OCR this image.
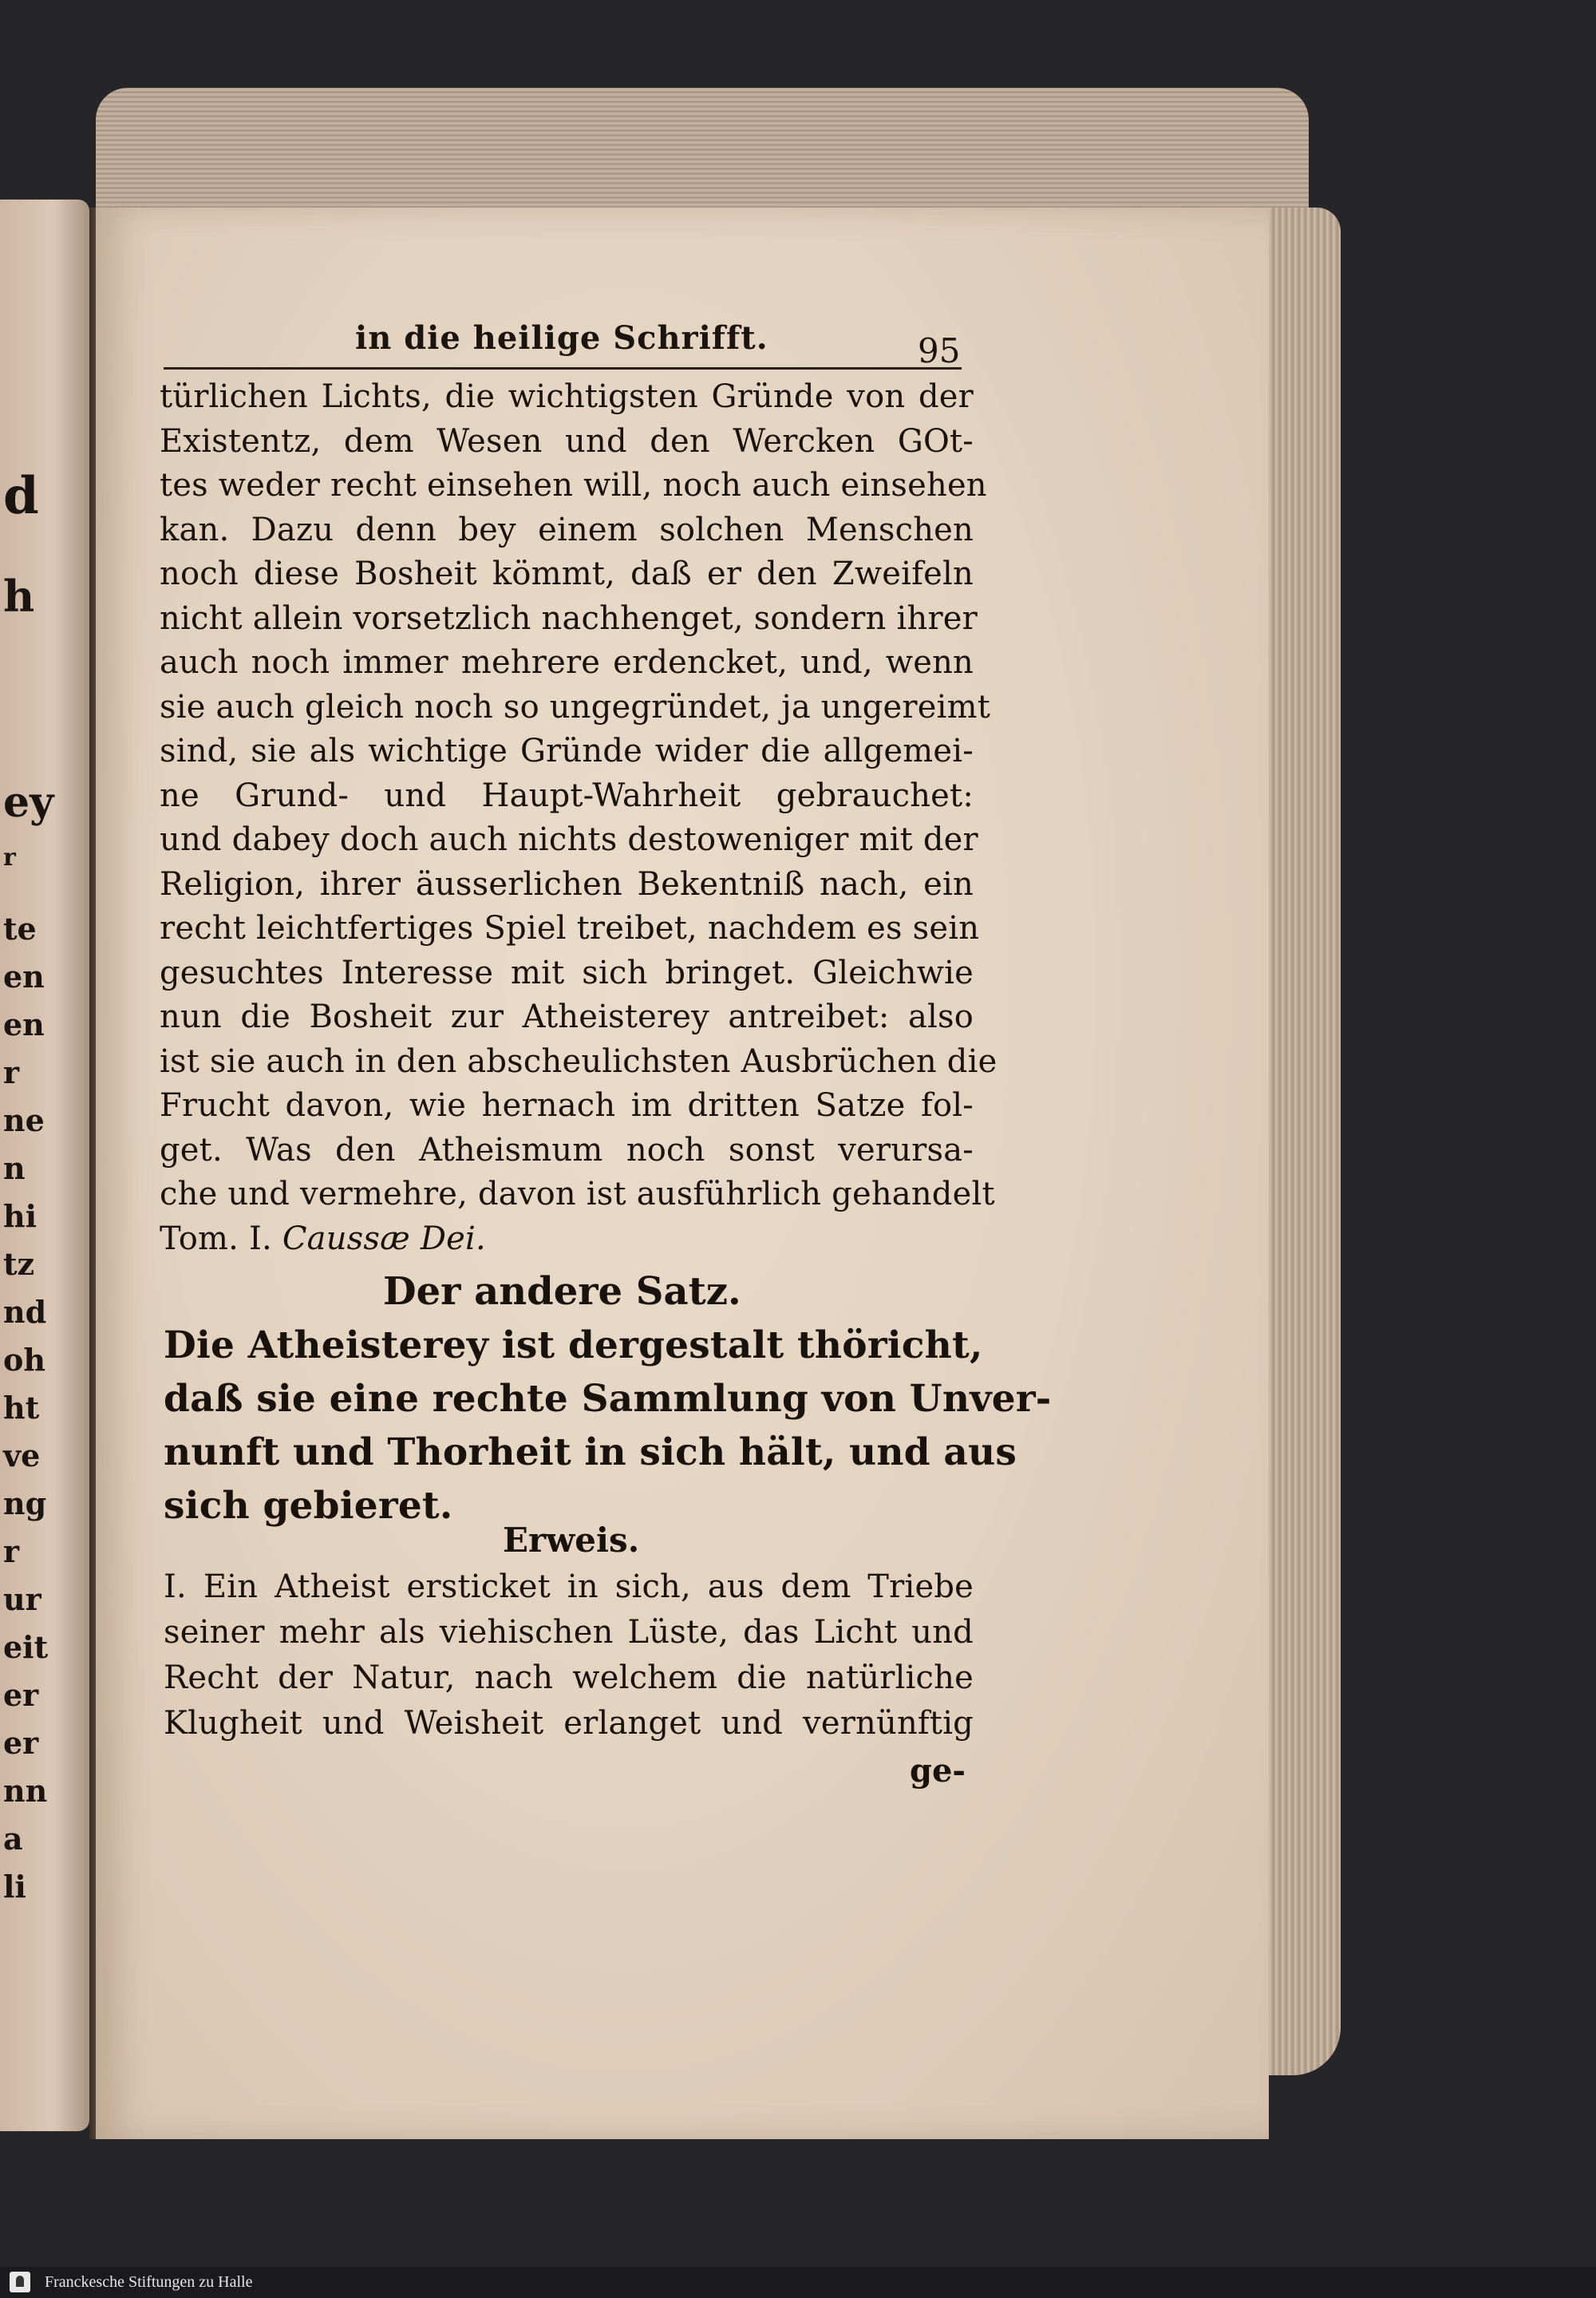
d
h
ey
r
te
en
en
r
ne
n
hi
tz
nd
oh
ht
ve
ng
r
ur
eit
er
er
nn
a
li
in die heilige Schrifft.	95
türlichen Lichts, die wichtigsten Gründe von der
Existentz, dem Wesen und den Wercken GOt-
tes weder recht einsehen will, noch auch einsehen
kan. Dazu denn bey einem solchen Menschen
noch diese Bosheit kömmt, daß er den Zweifeln
nicht allein vorsetzlich nachhenget, sondern ihrer
auch noch immer mehrere erdencket, und, wenn
sie auch gleich noch so ungegründet, ja ungereimt
sind, sie als wichtige Gründe wider die allgemei-
ne Grund- und Haupt-Wahrheit gebrauchet:
und dabey doch auch nichts destoweniger mit der
Religion, ihrer äusserlichen Bekentniß nach, ein
recht leichtfertiges Spiel treibet, nachdem es sein
gesuchtes Interesse mit sich bringet. Gleichwie
nun die Bosheit zur Atheisterey antreibet: also
ist sie auch in den abscheulichsten Ausbrüchen die
Frucht davon, wie hernach im dritten Satze fol-
get. Was den Atheismum noch sonst verursa-
che und vermehre, davon ist ausführlich gehandelt
Tom. I. Caussæ Dei.
Der andere Satz.
Die Atheisterey ist dergestalt thöricht,
daß sie eine rechte Sammlung von Unver-
nunft und Thorheit in sich hält, und aus
sich gebieret.
Erweis.
I. Ein Atheist ersticket in sich, aus dem Triebe
seiner mehr als viehischen Lüste, das Licht und
Recht der Natur, nach welchem die natürliche
Klugheit und Weisheit erlanget und vernünftig
ge-
Franckesche Stiftungen zu Halle
